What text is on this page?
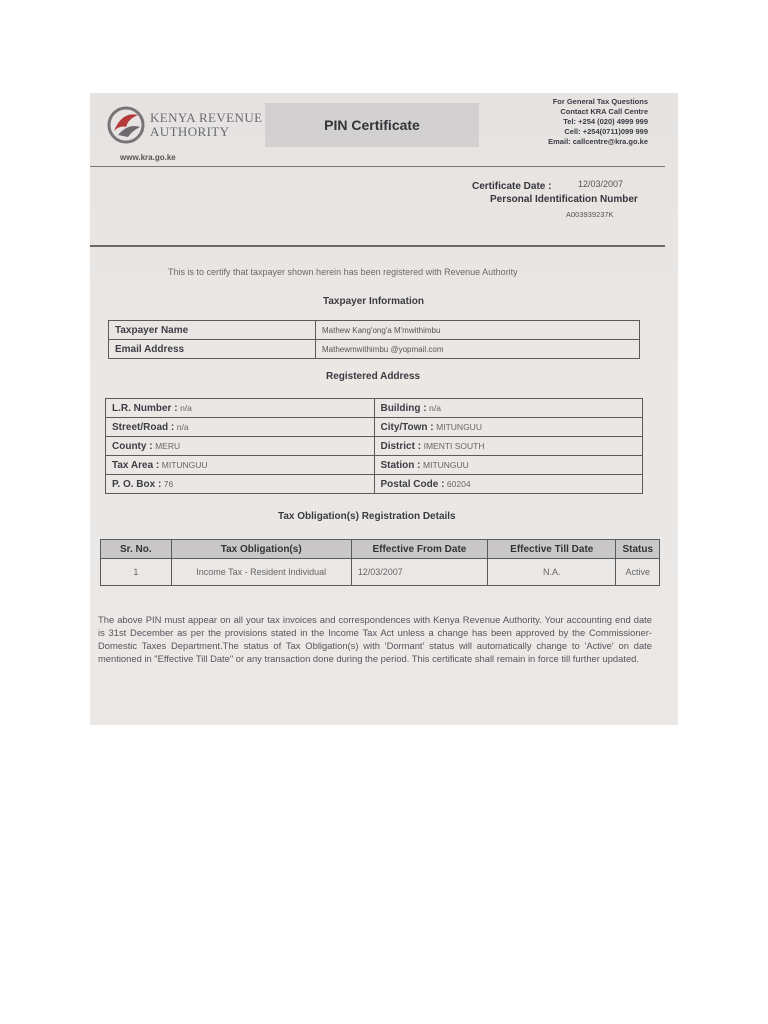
KENYA REVENUE
AUTHORITY
www.kra.go.ke
PIN Certificate
For General Tax Questions
Contact KRA Call Centre
Tel: +254 (020) 4999 999
Cell: +254(0711)099 999
Email: callcentre@kra.go.ke
Certificate Date :	12/03/2007
Personal Identification Number
A003939237K
This is to certify that taxpayer shown herein has been registered with Revenue Authority
Taxpayer Information
Taxpayer Name	Mathew Kang'ong'a M'mwithimbu
Email Address	Mathewmwithimbu @yopmail.com
Registered Address
L.R. Number : n/a	Building : n/a
Street/Road : n/a	City/Town : MITUNGUU
County : MERU	District : IMENTI SOUTH
Tax Area : MITUNGUU	Station : MITUNGUU
P. O. Box : 76	Postal Code : 60204
Tax Obligation(s) Registration Details
Sr. No.	Tax Obligation(s)	Effective From Date	Effective Till Date	Status
1	Income Tax - Resident Individual	12/03/2007	N.A.	Active
The above PIN must appear on all your tax invoices and correspondences with Kenya Revenue Authority. Your accounting end date is 31st December as per the provisions stated in the Income Tax Act unless a change has been approved by the Commissioner-Domestic Taxes Department.The status of Tax Obligation(s) with 'Dormant' status will automatically change to 'Active' on date mentioned in "Effective Till Date" or any transaction done during the period. This certificate shall remain in force till further updated.
